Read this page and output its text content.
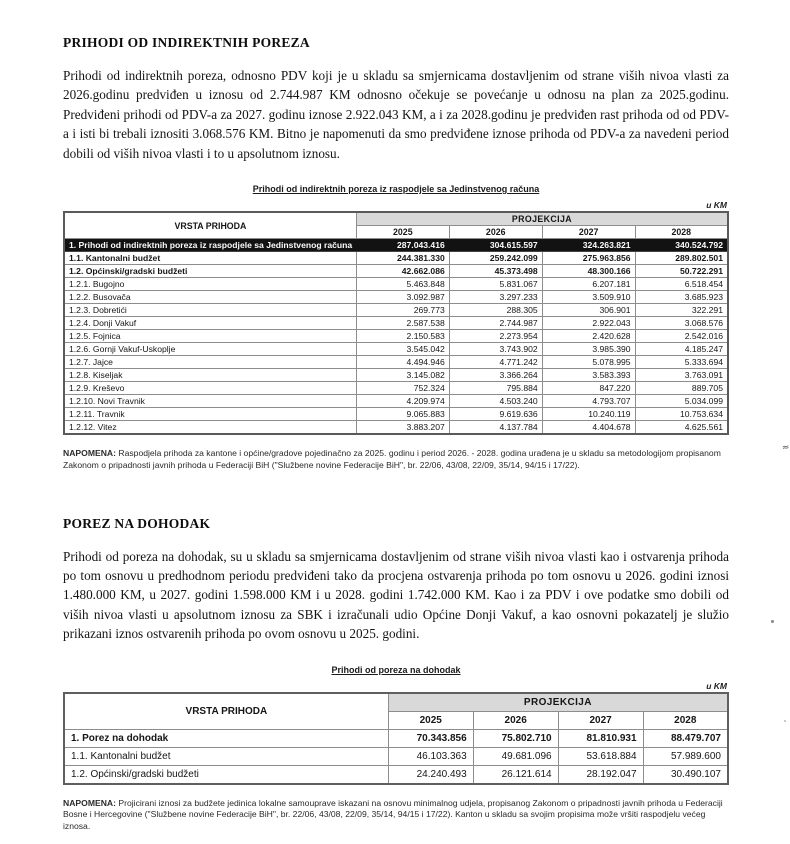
PRIHODI OD INDIREKTNIH POREZA

Prihodi od indirektnih poreza, odnosno PDV koji je u skladu sa smjernicama dostavljenim od strane viših nivoa vlasti za 2026.godinu predviđen u iznosu od 2.744.987 KM odnosno očekuje se povećanje u odnosu na plan za 2025.godinu. Predviđeni prihodi od PDV-a za 2027. godinu iznose 2.922.043 KM, a i za 2028.godinu je predviđen rast prihoda od od PDV-a i isti bi trebali iznositi 3.068.576 KM. Bitno je napomenuti da smo predviđene iznose prihoda od PDV-a za navedeni period dobili od viših nivoa vlasti i to u apsolutnom iznosu.

Prihodi od indirektnih poreza iz raspodjele sa Jedinstvenog računa
u KM
VRSTA PRIHODA	PROJEKCIJA			
	2025	2026	2027	2028
1. Prihodi od indirektnih poreza iz raspodjele sa Jedinstvenog računa	287.043.416	304.615.597	324.263.821	340.524.792
1.1. Kantonalni budžet	244.381.330	259.242.099	275.963.856	289.802.501
1.2. Općinski/gradski budžeti	42.662.086	45.373.498	48.300.166	50.722.291
1.2.1. Bugojno	5.463.848	5.831.067	6.207.181	6.518.454
1.2.2. Busovača	3.092.987	3.297.233	3.509.910	3.685.923
1.2.3. Dobretići	269.773	288.305	306.901	322.291
1.2.4. Donji Vakuf	2.587.538	2.744.987	2.922.043	3.068.576
1.2.5. Fojnica	2.150.583	2.273.954	2.420.628	2.542.016
1.2.6. Gornji Vakuf-Uskoplje	3.545.042	3.743.902	3.985.390	4.185.247
1.2.7. Jajce	4.494.946	4.771.242	5.078.995	5.333.694
1.2.8. Kiseljak	3.145.082	3.366.264	3.583.393	3.763.091
1.2.9. Kreševo	752.324	795.884	847.220	889.705
1.2.10. Novi Travnik	4.209.974	4.503.240	4.793.707	5.034.099
1.2.11. Travnik	9.065.883	9.619.636	10.240.119	10.753.634
1.2.12. Vitez	3.883.207	4.137.784	4.404.678	4.625.561

NAPOMENA: Raspodjela prihoda za kantone i općine/gradove pojedinačno za 2025. godinu i period 2026. - 2028. godina urađena je u skladu sa metodologijom propisanom Zakonom o pripadnosti javnih prihoda u Federaciji BiH ("Službene novine Federacije BiH", br. 22/06, 43/08, 22/09, 35/14, 94/15 i 17/22).

POREZ NA DOHODAK

Prihodi od poreza na dohodak, su u skladu sa smjernicama dostavljenim od strane viših nivoa vlasti kao i ostvarenja prihoda po tom osnovu u predhodnom periodu predviđeni tako da procjena ostvarenja prihoda po tom osnovu u 2026. godini iznosi 1.480.000 KM, u 2027. godini 1.598.000 KM i u 2028. godini 1.742.000 KM. Kao i za PDV i ove podatke smo dobili od viših nivoa vlasti u apsolutnom iznosu za SBK i izračunali udio Općine Donji Vakuf, a kao osnovni pokazatelj je služio prikazani iznos ostvarenih prihoda po ovom osnovu u 2025. godini.

Prihodi od poreza na dohodak
u KM
VRSTA PRIHODA	PROJEKCIJA			
	2025	2026	2027	2028
1. Porez na dohodak	70.343.856	75.802.710	81.810.931	88.479.707
1.1. Kantonalni budžet	46.103.363	49.681.096	53.618.884	57.989.600
1.2. Općinski/gradski budžeti	24.240.493	26.121.614	28.192.047	30.490.107

NAPOMENA: Projicirani iznosi za budžete jedinica lokalne samouprave iskazani na osnovu minimalnog udjela, propisanog Zakonom o pripadnosti javnih prihoda u Federaciji Bosne i Hercegovine ("Službene novine Federacije BiH", br. 22/06, 43/08, 22/09, 35/14, 94/15 i 17/22). Kanton u skladu sa svojim propisima može vršiti raspodjelu većeg iznosa.

≈
